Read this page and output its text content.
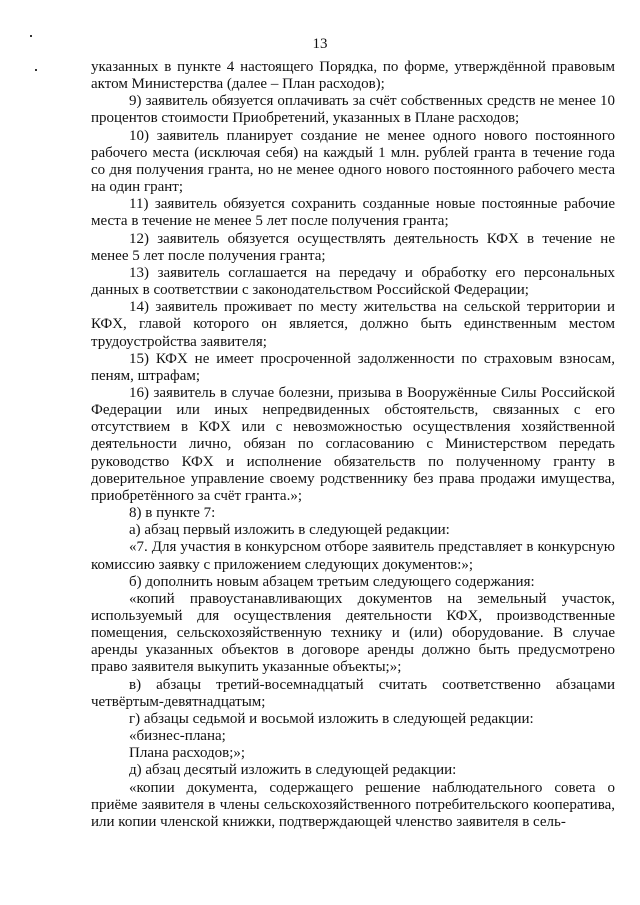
13

указанных в пункте 4 настоящего Порядка, по форме, утверждённой правовым актом Министерства (далее – План расходов);

9) заявитель обязуется оплачивать за счёт собственных средств не менее 10 процентов стоимости Приобретений, указанных в Плане расходов;

10) заявитель планирует создание не менее одного нового постоянного рабочего места (исключая себя) на каждый 1 млн. рублей гранта в течение года со дня получения гранта, но не менее одного нового постоянного рабочего места на один грант;

11) заявитель обязуется сохранить созданные новые постоянные рабочие места в течение не менее 5 лет после получения гранта;

12) заявитель обязуется осуществлять деятельность КФХ в течение не менее 5 лет после получения гранта;

13) заявитель соглашается на передачу и обработку его персональных данных в соответствии с законодательством Российской Федерации;

14) заявитель проживает по месту жительства на сельской территории и КФХ, главой которого он является, должно быть единственным местом трудоустройства заявителя;

15) КФХ не имеет просроченной задолженности по страховым взносам, пеням, штрафам;

16) заявитель в случае болезни, призыва в Вооружённые Силы Российской Федерации или иных непредвиденных обстоятельств, связанных с его отсутствием в КФХ или с невозможностью осуществления хозяйственной деятельности лично, обязан по согласованию с Министерством передать руководство КФХ и исполнение обязательств по полученному гранту в доверительное управление своему родственнику без права продажи имущества, приобретённого за счёт гранта.»;

8) в пункте 7:

а) абзац первый изложить в следующей редакции:

«7. Для участия в конкурсном отборе заявитель представляет в конкурсную комиссию заявку с приложением следующих документов:»;

б) дополнить новым абзацем третьим следующего содержания:

«копий правоустанавливающих документов на земельный участок, используемый для осуществления деятельности КФХ, производственные помещения, сельскохозяйственную технику и (или) оборудование. В случае аренды указанных объектов в договоре аренды должно быть предусмотрено право заявителя выкупить указанные объекты;»;

в) абзацы третий-восемнадцатый считать соответственно абзацами четвёртым-девятнадцатым;

г) абзацы седьмой и восьмой изложить в следующей редакции:

«бизнес-плана;

Плана расходов;»;

д) абзац десятый изложить в следующей редакции:

«копии документа, содержащего решение наблюдательного совета о приёме заявителя в члены сельскохозяйственного потребительского кооператива, или копии членской книжки, подтверждающей членство заявителя в сель-
